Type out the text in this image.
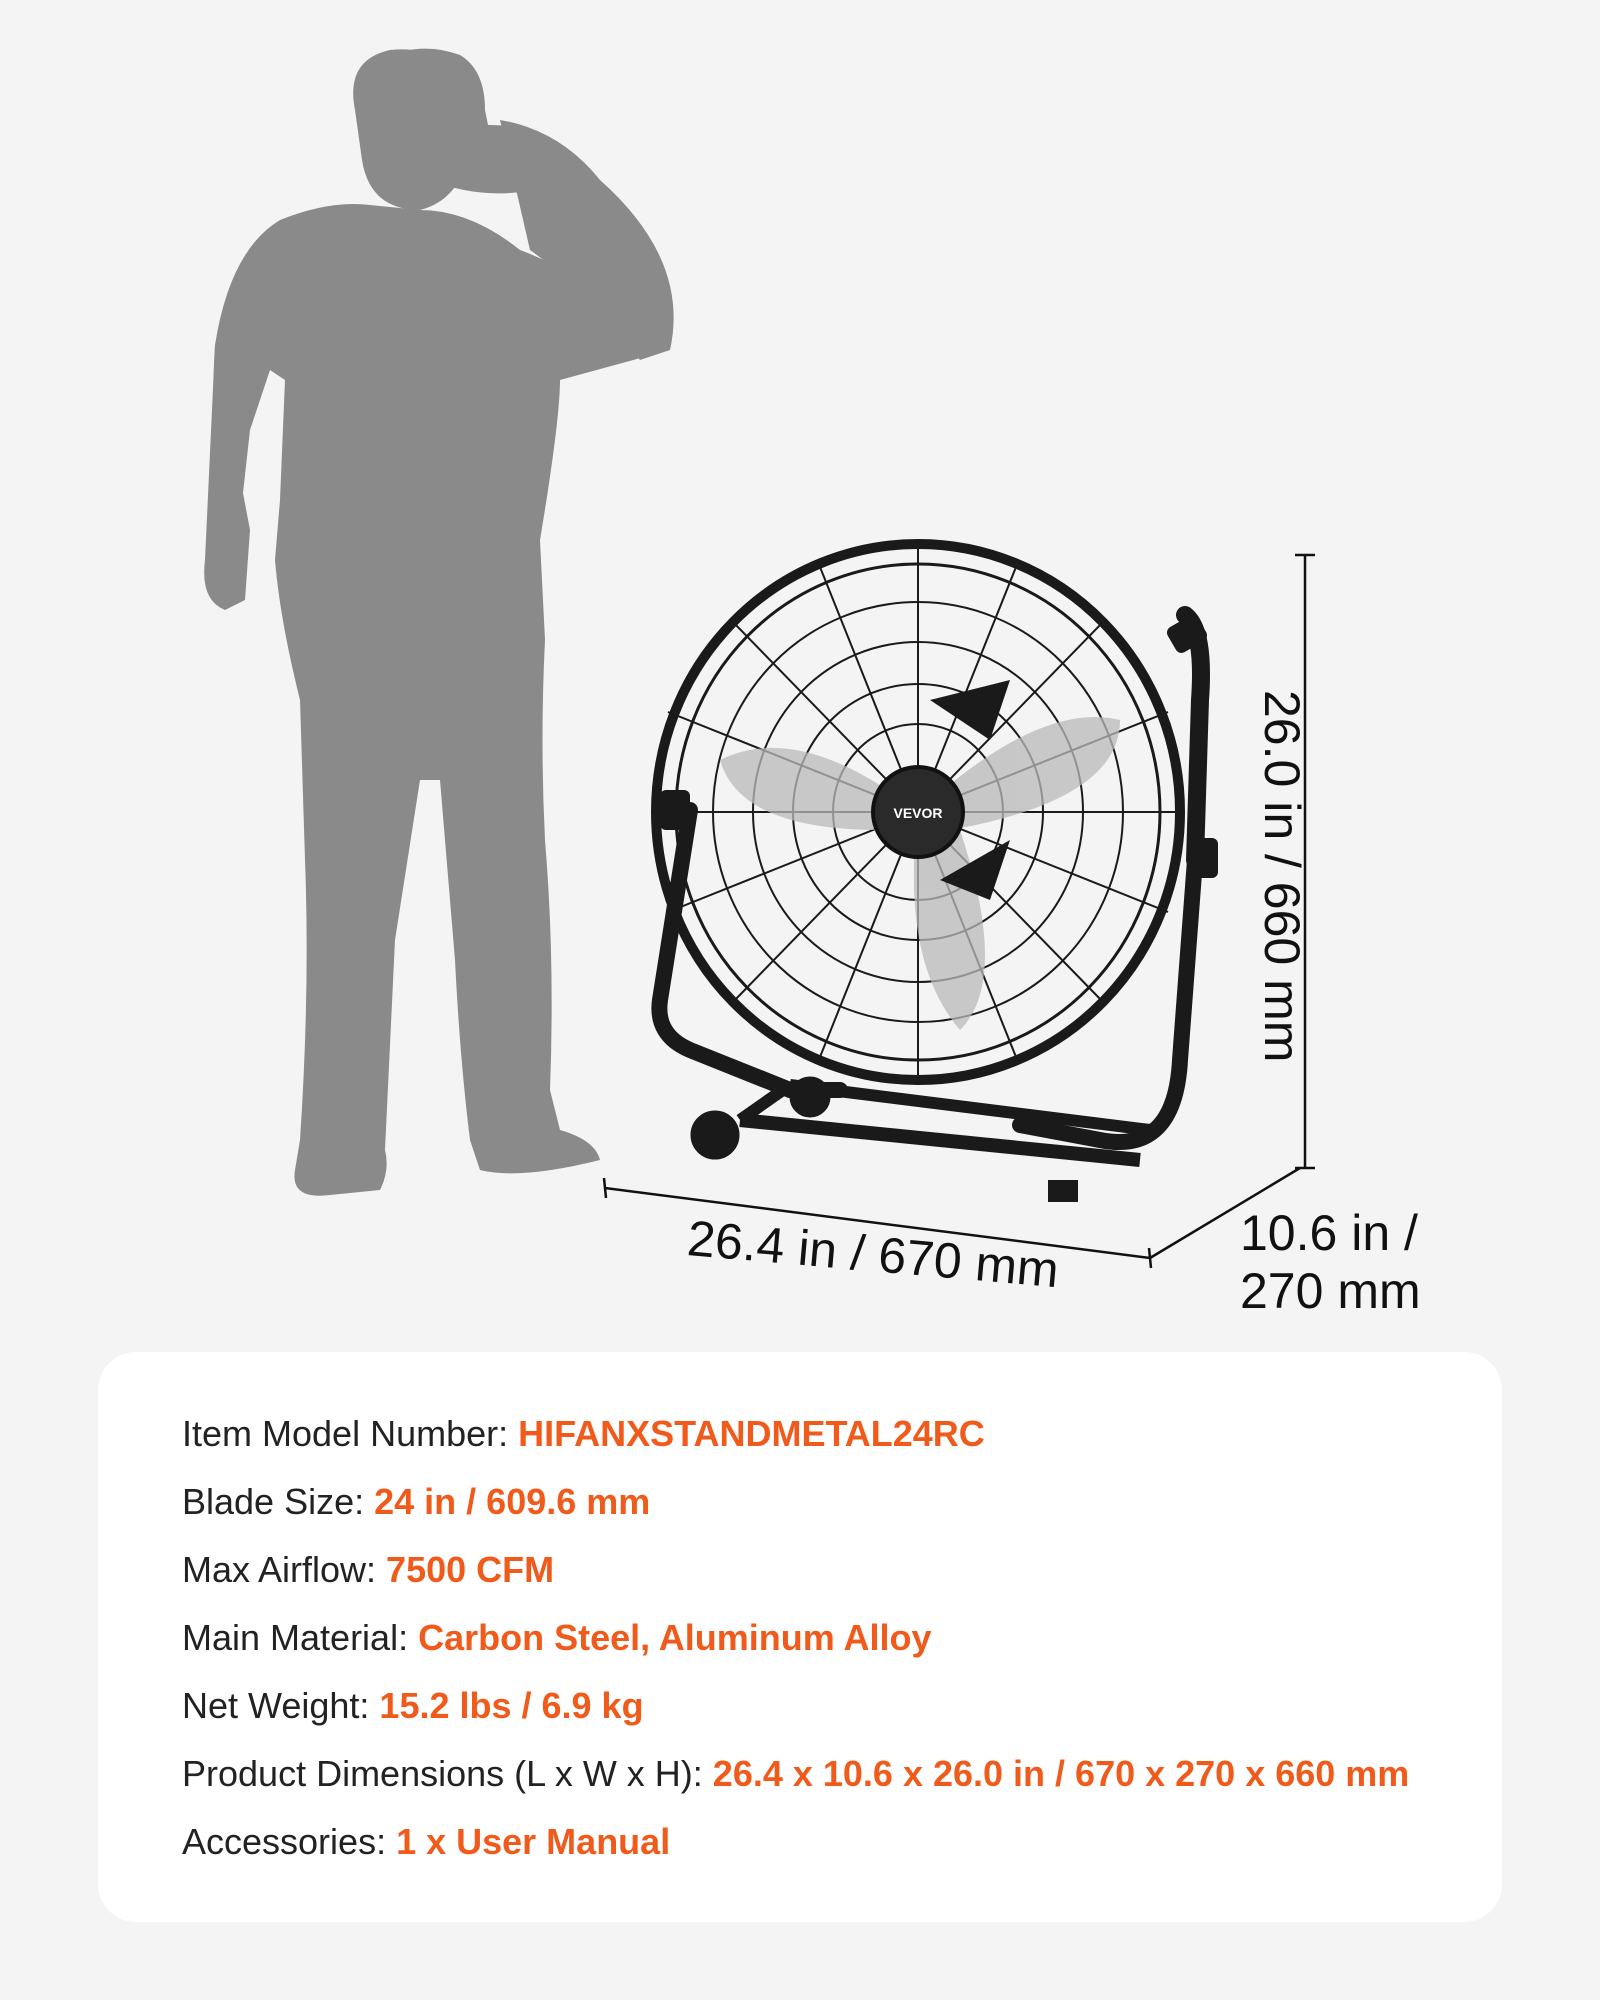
VEVOR
26.4 in / 670 mm
26.0 in / 660 mm
10.6 in /
270 mm
Item Model Number: HIFANXSTANDMETAL24RC
Blade Size: 24 in / 609.6 mm
Max Airflow: 7500 CFM
Main Material: Carbon Steel, Aluminum Alloy
Net Weight: 15.2 lbs / 6.9 kg
Product Dimensions (L x W x H): 26.4 x 10.6 x 26.0 in / 670 x 270 x 660 mm
Accessories: 1 x User Manual
